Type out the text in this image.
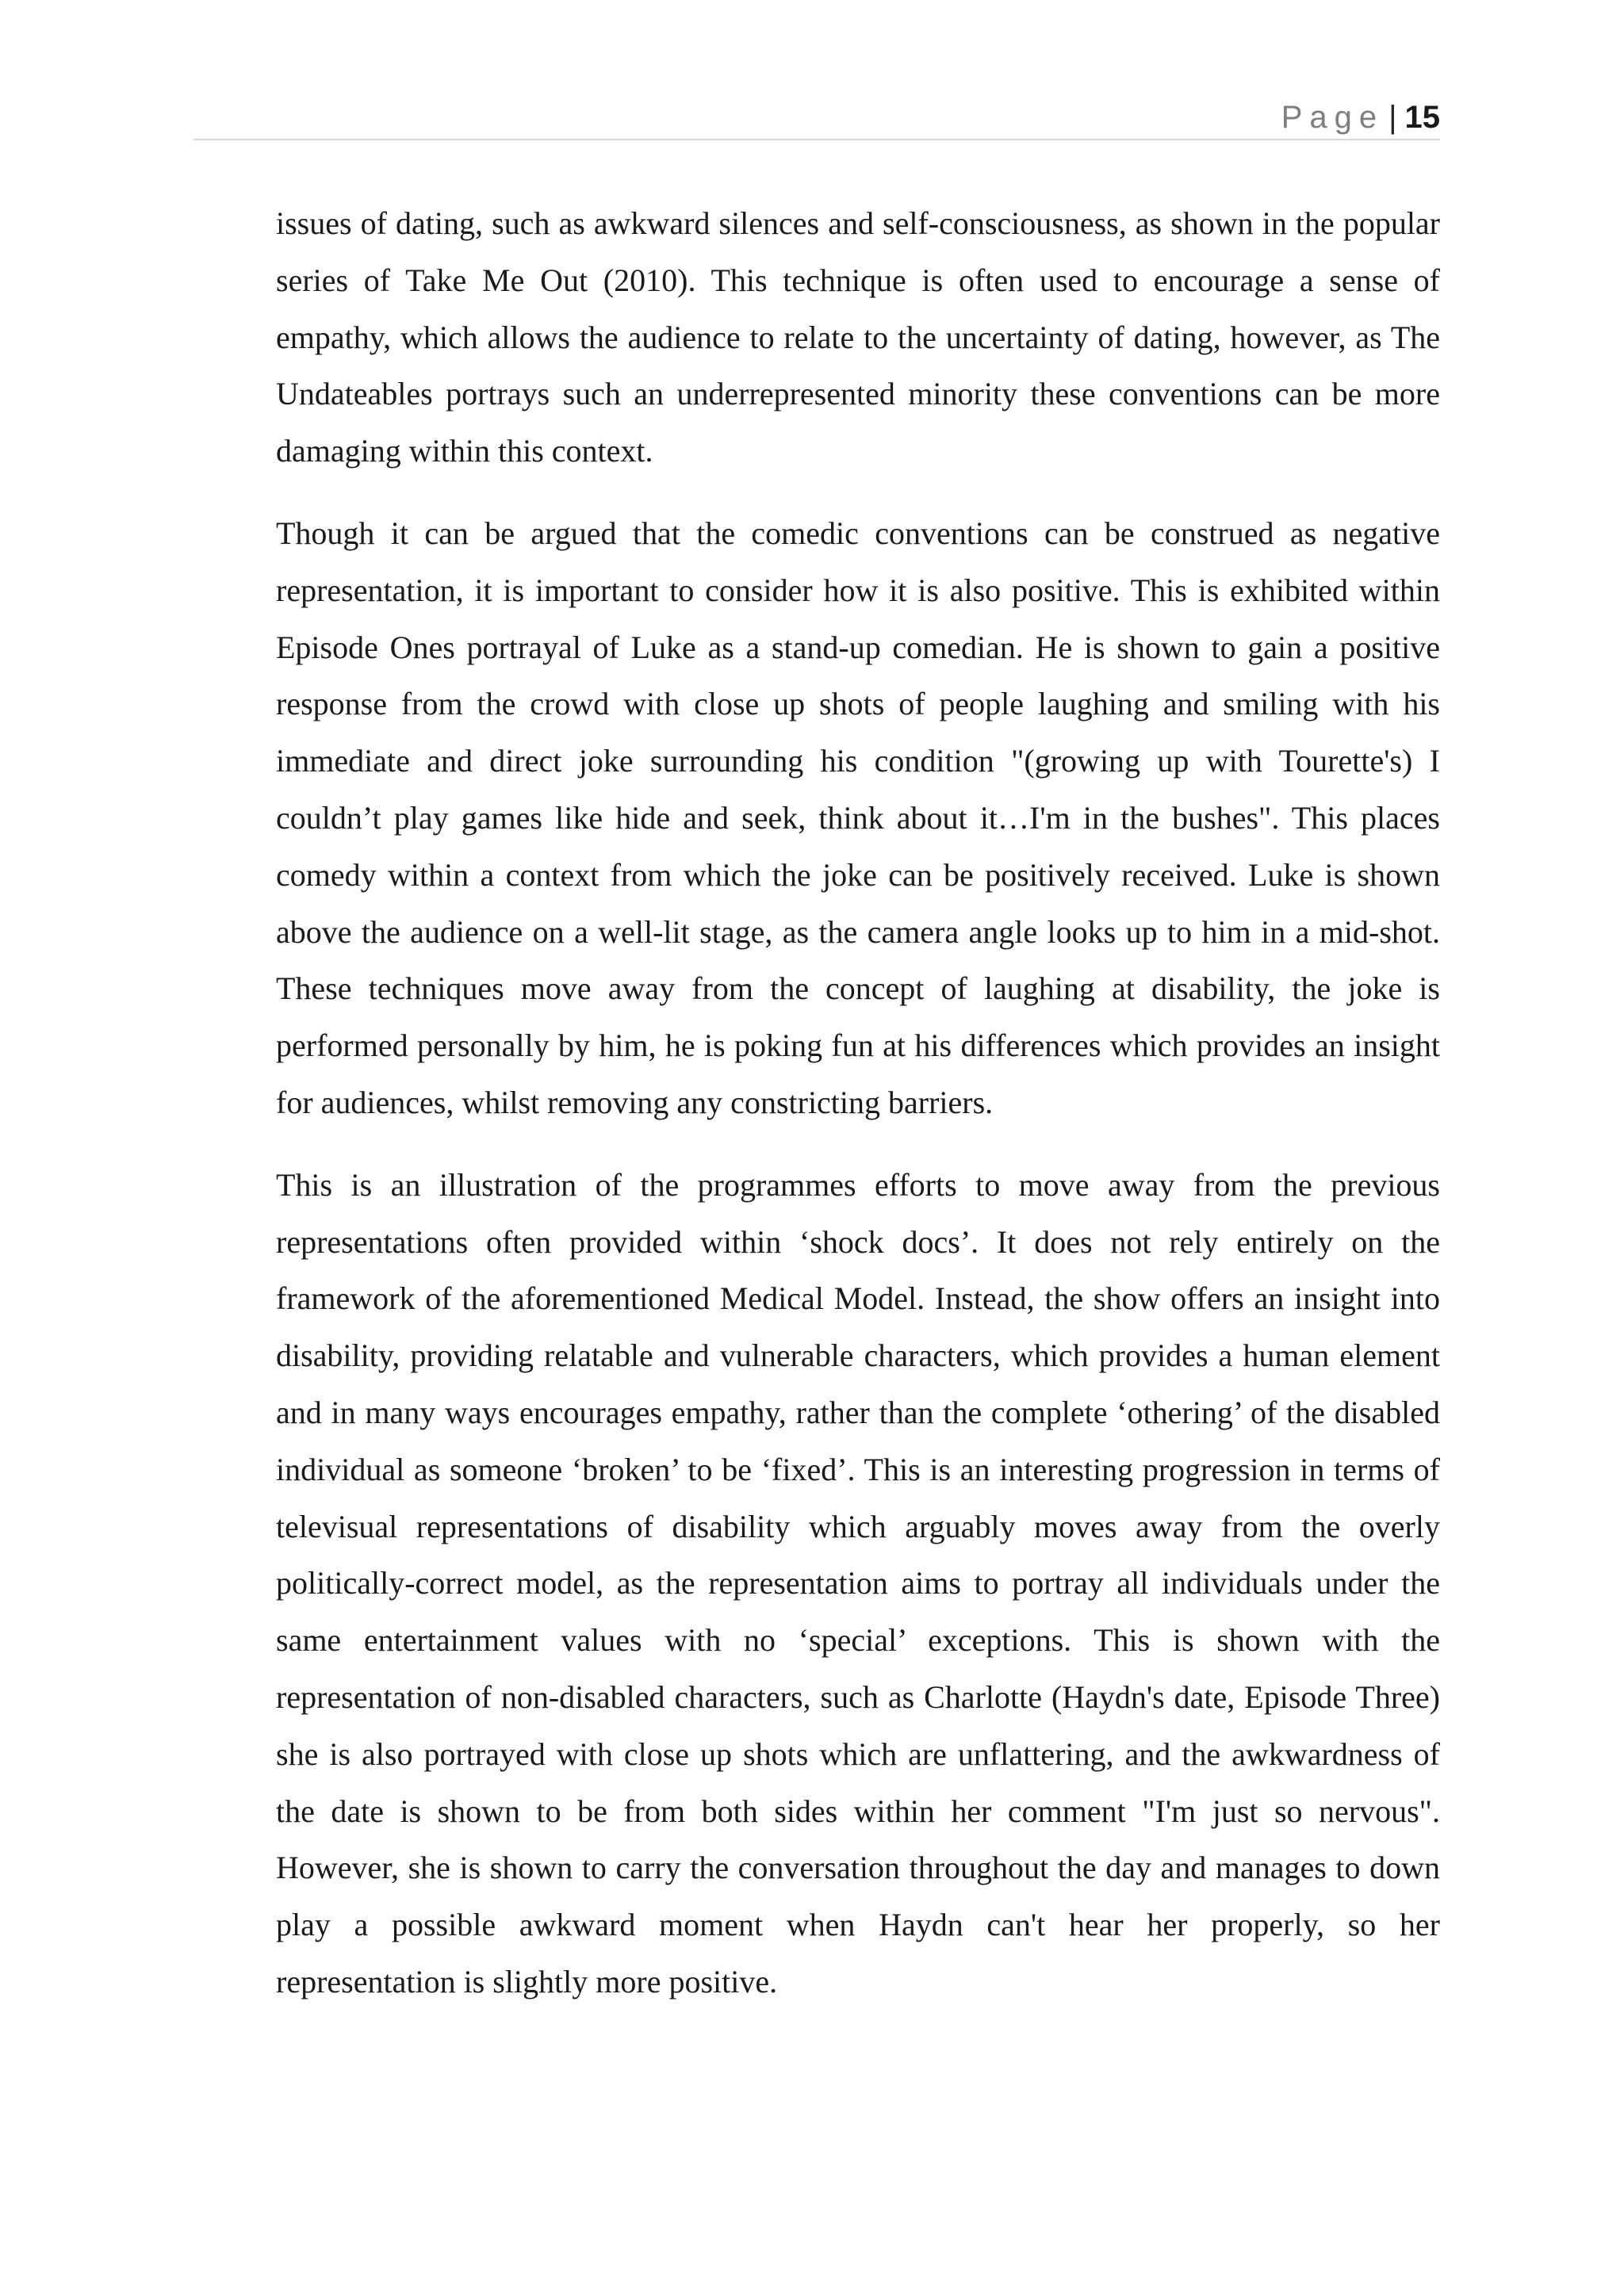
Page | 15

issues of dating, such as awkward silences and self-consciousness, as shown in the popular series of Take Me Out (2010). This technique is often used to encourage a sense of empathy, which allows the audience to relate to the uncertainty of dating, however, as The Undateables portrays such an underrepresented minority these conventions can be more damaging within this context.

Though it can be argued that the comedic conventions can be construed as negative representation, it is important to consider how it is also positive. This is exhibited within Episode Ones portrayal of Luke as a stand-up comedian. He is shown to gain a positive response from the crowd with close up shots of people laughing and smiling with his immediate and direct joke surrounding his condition "(growing up with Tourette's) I couldn’t play games like hide and seek, think about it…I'm in the bushes". This places comedy within a context from which the joke can be positively received. Luke is shown above the audience on a well-lit stage, as the camera angle looks up to him in a mid-shot. These techniques move away from the concept of laughing at disability, the joke is performed personally by him, he is poking fun at his differences which provides an insight for audiences, whilst removing any constricting barriers.

This is an illustration of the programmes efforts to move away from the previous representations often provided within ‘shock docs’. It does not rely entirely on the framework of the aforementioned Medical Model. Instead, the show offers an insight into disability, providing relatable and vulnerable characters, which provides a human element and in many ways encourages empathy, rather than the complete ‘othering’ of the disabled individual as someone ‘broken’ to be ‘fixed’. This is an interesting progression in terms of televisual representations of disability which arguably moves away from the overly politically-correct model, as the representation aims to portray all individuals under the same entertainment values with no ‘special’ exceptions. This is shown with the representation of non-disabled characters, such as Charlotte (Haydn's date, Episode Three) she is also portrayed with close up shots which are unflattering, and the awkwardness of the date is shown to be from both sides within her comment "I'm just so nervous". However, she is shown to carry the conversation throughout the day and manages to down play a possible awkward moment when Haydn can't hear her properly, so her representation is slightly more positive.
